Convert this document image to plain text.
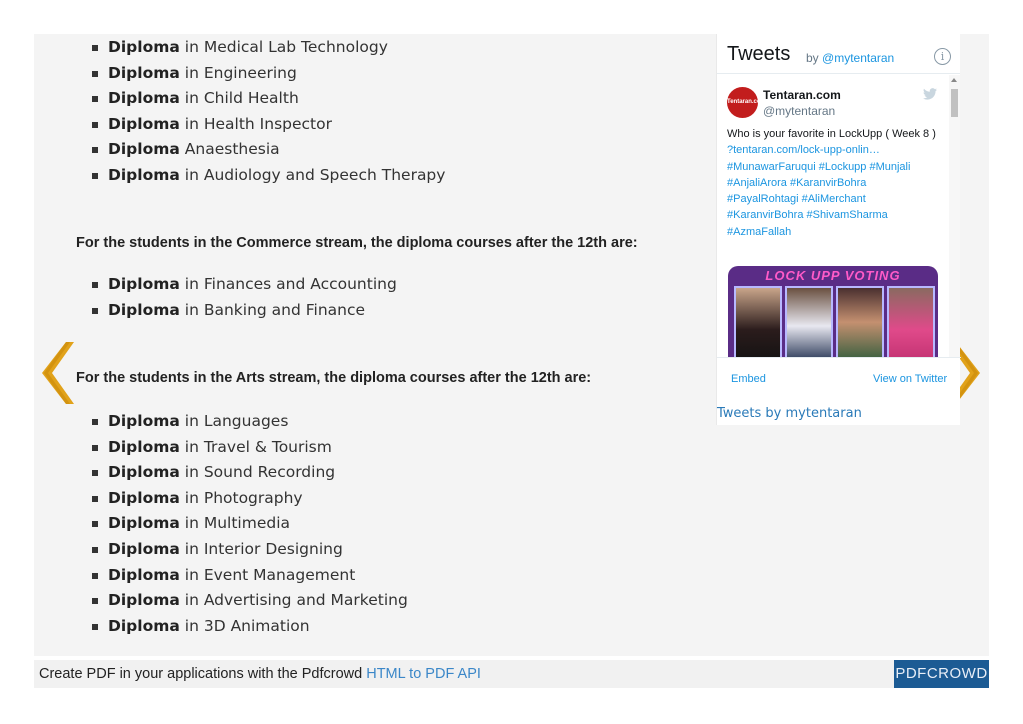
Diploma in Medical Lab Technology
Diploma in Engineering
Diploma in Child Health
Diploma in Health Inspector
Diploma Anaesthesia
Diploma in Audiology and Speech Therapy
For the students in the Commerce stream, the diploma courses after the 12th are:
Diploma in Finances and Accounting
Diploma in Banking and Finance
For the students in the Arts stream, the diploma courses after the 12th are:
Diploma in Languages
Diploma in Travel & Tourism
Diploma in Sound Recording
Diploma in Photography
Diploma in Multimedia
Diploma in Interior Designing
Diploma in Event Management
Diploma in Advertising and Marketing
Diploma in 3D Animation
Tweets by @mytentaran	i
Tentaran.com
Tentaran.com
@mytentaran
Who is your favorite in LockUpp ( Week 8 )
?tentaran.com/lock-upp-onlin…
#MunawarFaruqui #Lockupp #Munjali
#AnjaliArora #KaranvirBohra
#PayalRohtagi #AliMerchant
#KaranvirBohra #ShivamSharma
#AzmaFallah
LOCK UPP VOTING
Embed	View on Twitter
Tweets by mytentaran
Create PDF in your applications with the Pdfcrowd HTML to PDF API	PDFCROWD
